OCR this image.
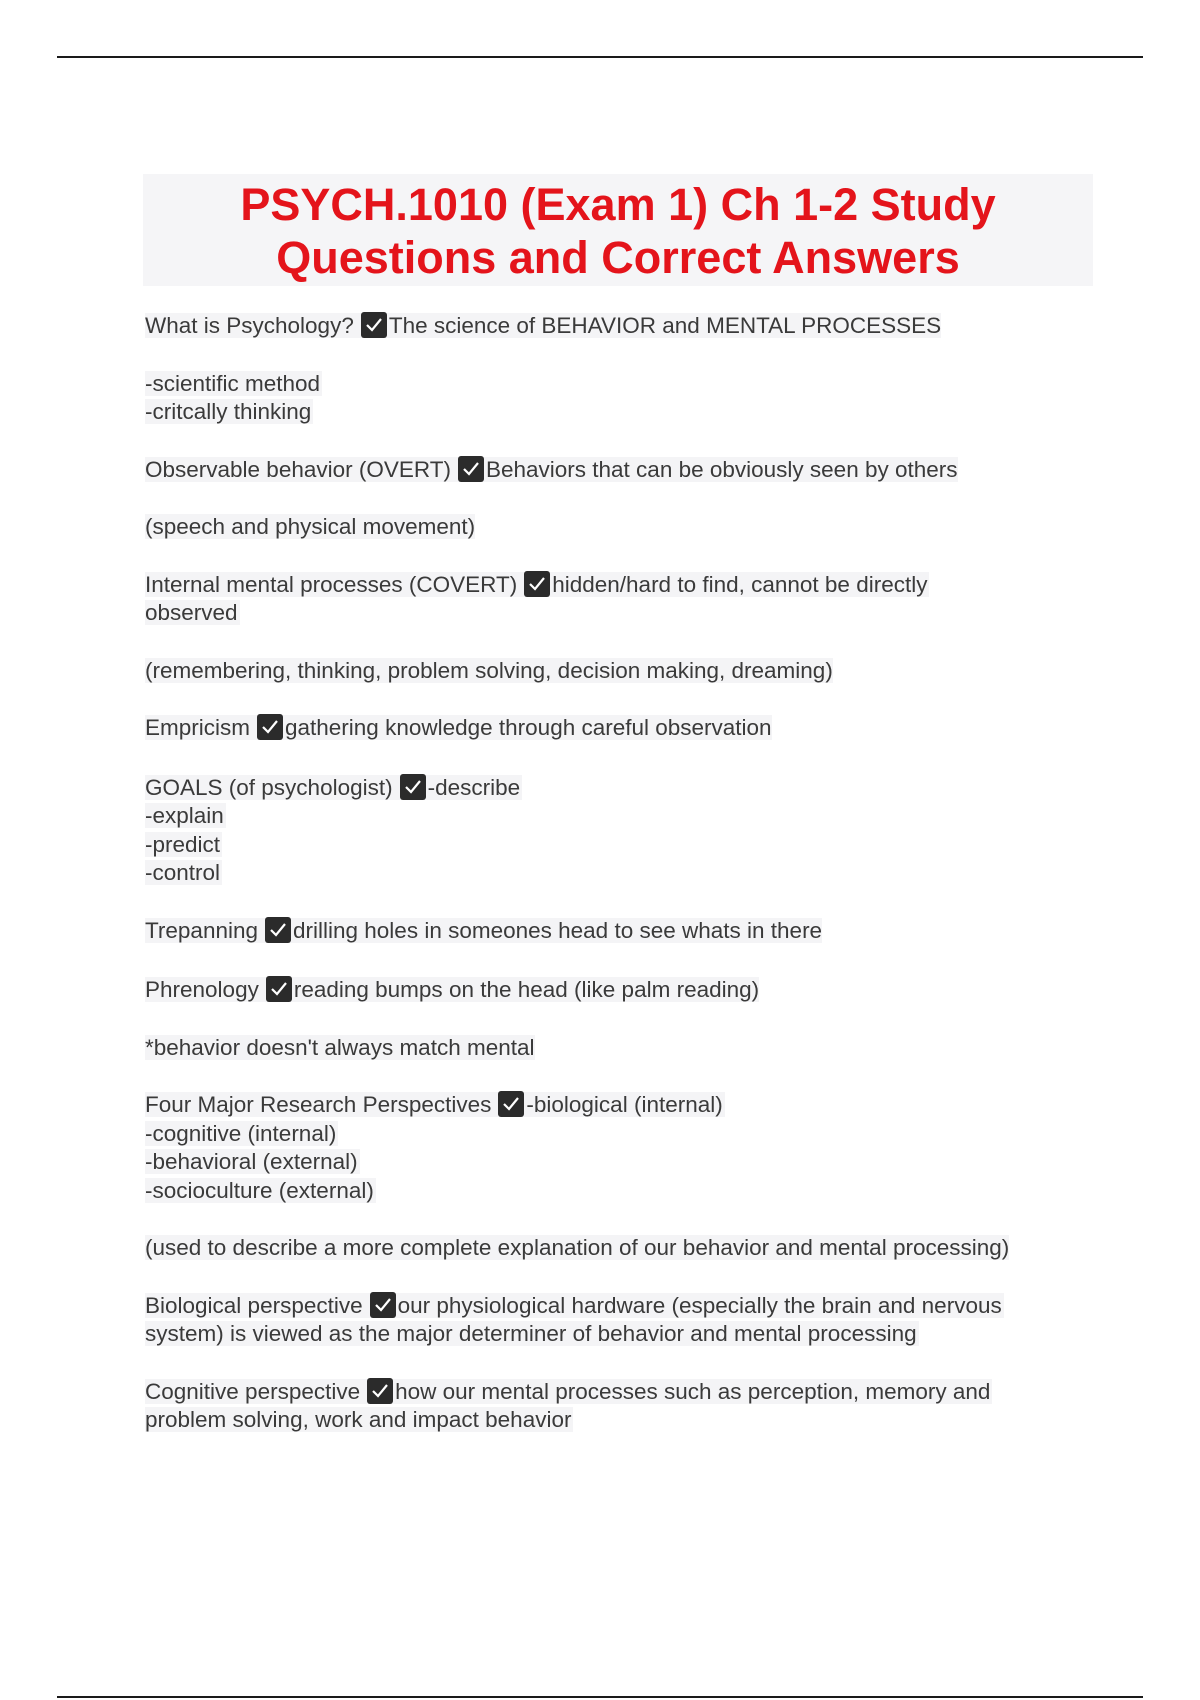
PSYCH.1010 (Exam 1) Ch 1-2 Study
Questions and Correct Answers
What is Psychology? The science of BEHAVIOR and MENTAL PROCESSES
-scientific method
-critcally thinking
Observable behavior (OVERT) Behaviors that can be obviously seen by others
(speech and physical movement)
Internal mental processes (COVERT) hidden/hard to find, cannot be directly
observed
(remembering, thinking, problem solving, decision making, dreaming)
Empricism gathering knowledge through careful observation
GOALS (of psychologist) -describe
-explain
-predict
-control
Trepanning drilling holes in someones head to see whats in there
Phrenology reading bumps on the head (like palm reading)
*behavior doesn't always match mental
Four Major Research Perspectives -biological (internal)
-cognitive (internal)
-behavioral (external)
-socioculture (external)
(used to describe a more complete explanation of our behavior and mental processing)
Biological perspective our physiological hardware (especially the brain and nervous
system) is viewed as the major determiner of behavior and mental processing
Cognitive perspective how our mental processes such as perception, memory and
problem solving, work and impact behavior
